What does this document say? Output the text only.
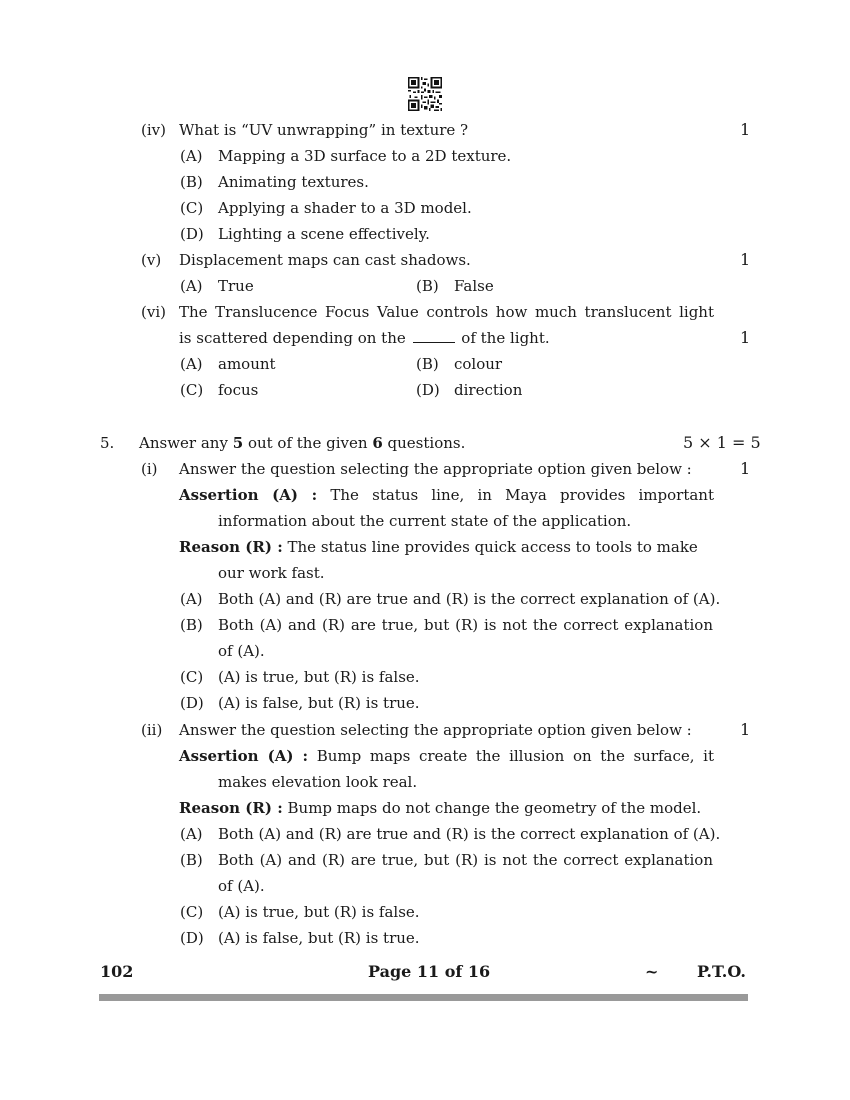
(iv) What is “UV unwrapping” in texture ?	1
(A) Mapping a 3D surface to a 2D texture.
(B) Animating textures.
(C) Applying a shader to a 3D model.
(D) Lighting a scene effectively.
(v) Displacement maps can cast shadows.	1
(A) True	(B) False
(vi) The Translucence Focus Value controls how much translucent light
is scattered depending on the	of the light.	1
(A) amount	(B) colour
(C) focus	(D) direction
5. Answer any 5 out of the given 6 questions.	5 × 1 = 5
(i) Answer the question selecting the appropriate option given below :	1
Assertion (A) : The status line, in Maya provides important
information about the current state of the application.
Reason (R) : The status line provides quick access to tools to make
our work fast.
(A) Both (A) and (R) are true and (R) is the correct explanation of (A).
(B) Both (A) and (R) are true, but (R) is not the correct explanation
of (A).
(C) (A) is true, but (R) is false.
(D) (A) is false, but (R) is true.
(ii) Answer the question selecting the appropriate option given below :	1
Assertion (A) : Bump maps create the illusion on the surface, it
makes elevation look real.
Reason (R) : Bump maps do not change the geometry of the model.
(A) Both (A) and (R) are true and (R) is the correct explanation of (A).
(B) Both (A) and (R) are true, but (R) is not the correct explanation
of (A).
(C) (A) is true, but (R) is false.
(D) (A) is false, but (R) is true.
102	Page 11 of 16	~ P.T.O.
